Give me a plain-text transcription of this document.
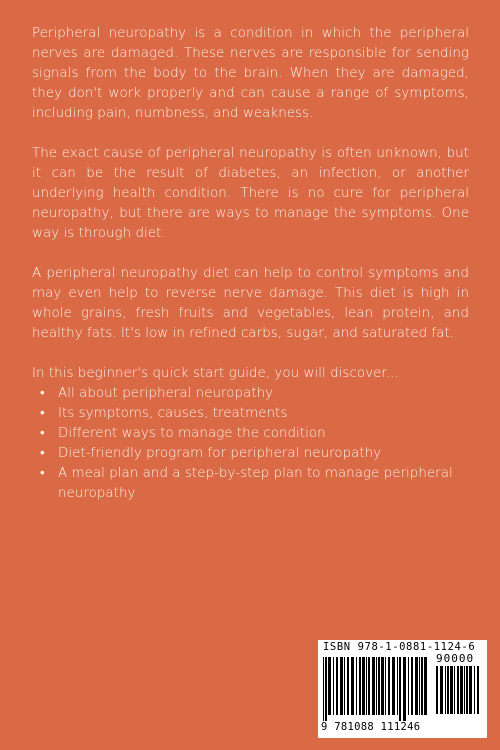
Peripheral neuropathy is a condition in which the peripheral nerves are damaged. These nerves are responsible for sending signals from the body to the brain. When they are damaged, they don't work properly and can cause a range of symptoms, including pain, numbness, and weakness.

The exact cause of peripheral neuropathy is often unknown, but it can be the result of diabetes, an infection, or another underlying health condition. There is no cure for peripheral neuropathy, but there are ways to manage the symptoms. One way is through diet.

A peripheral neuropathy diet can help to control symptoms and may even help to reverse nerve damage. This diet is high in whole grains, fresh fruits and vegetables, lean protein, and healthy fats. It's low in refined carbs, sugar, and saturated fat.

In this beginner's quick start guide, you will discover...

• All about peripheral neuropathy
• Its symptoms, causes, treatments
• Different ways to manage the condition
• Diet-friendly program for peripheral neuropathy
• A meal plan and a step-by-step plan to manage peripheral neuropathy
ISBN 978-1-0881-1124-6
90000
9 781088 111246
